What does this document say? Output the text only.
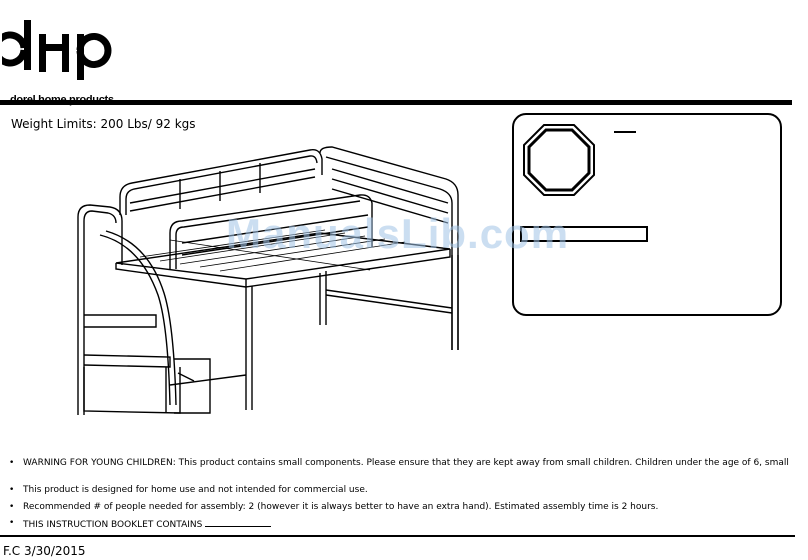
Weight Limits: 200 Lbs/ 92 kgs
ManualsLib.com
• WARNING FOR YOUNG CHILDREN: This product contains small components. Please ensure that they are kept away from small children. Children under the age of 6, small
• This product is designed for home use and not intended for commercial use.
• Recommended # of people needed for assembly: 2 (however it is always better to have an extra hand). Estimated assembly time is 2 hours.
• THIS INSTRUCTION BOOKLET CONTAINS
F.C 3/30/2015
